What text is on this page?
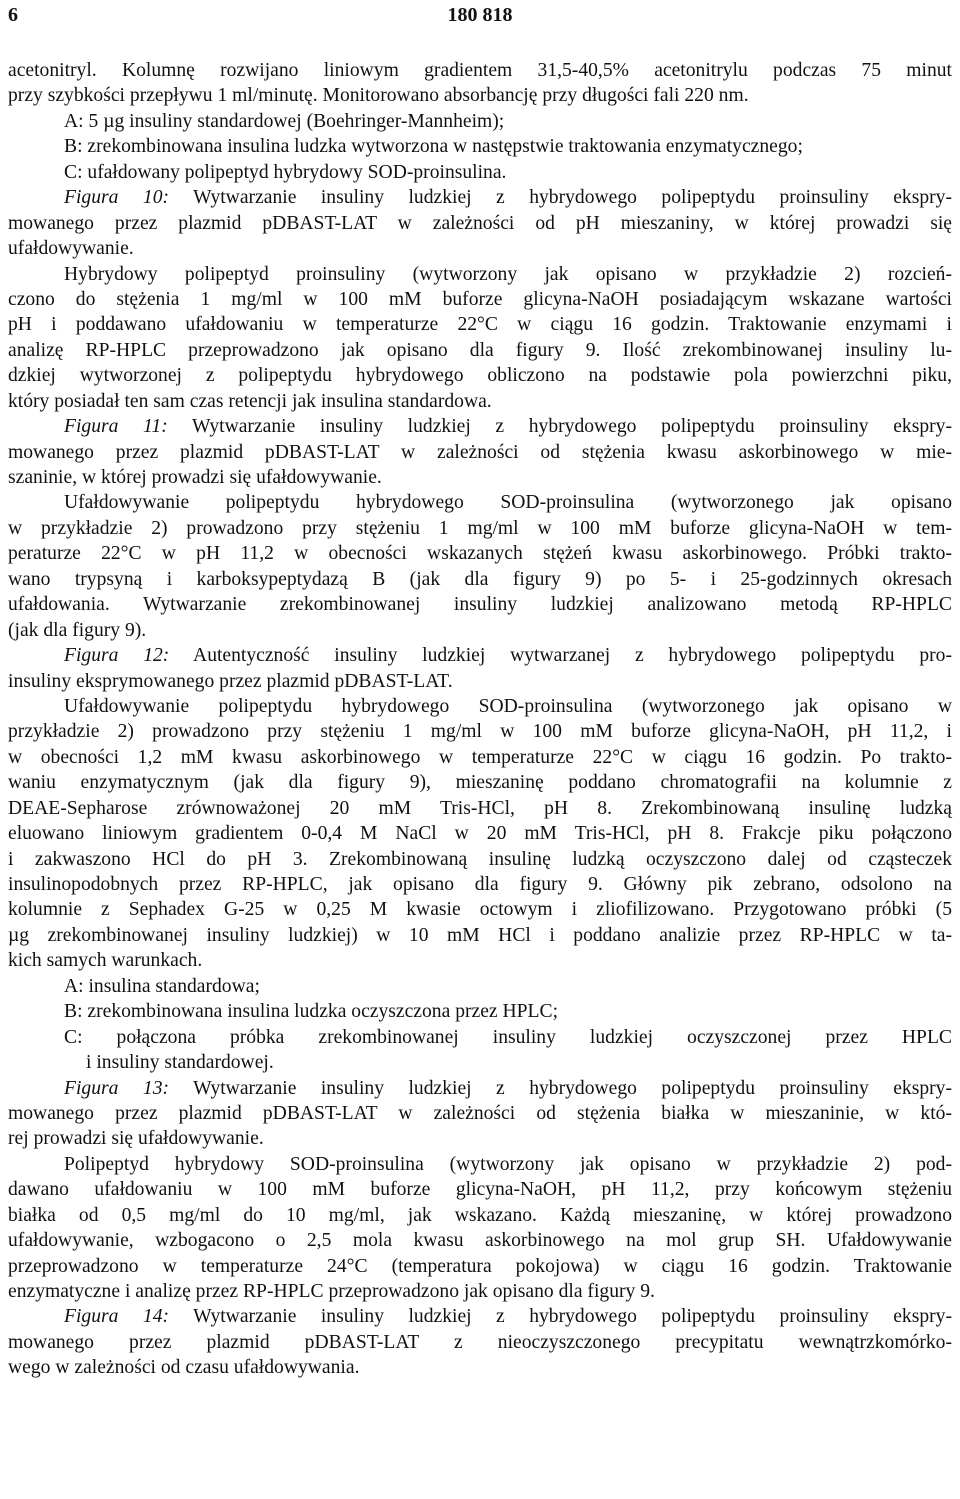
6	180 818
acetonitryl. Kolumnę rozwijano liniowym gradientem 31,5-40,5% acetonitrylu podczas 75 minut
przy szybkości przepływu 1 ml/minutę. Monitorowano absorbancję przy długości fali 220 nm.
A: 5 µg insuliny standardowej (Boehringer-Mannheim);
B: zrekombinowana insulina ludzka wytworzona w następstwie traktowania enzymatycznego;
C: ufałdowany polipeptyd hybrydowy SOD-proinsulina.
Figura 10: Wytwarzanie insuliny ludzkiej z hybrydowego polipeptydu proinsuliny ekspry-
mowanego przez plazmid pDBAST-LAT w zależności od pH mieszaniny, w której prowadzi się
ufałdowywanie.
Hybrydowy polipeptyd proinsuliny (wytworzony jak opisano w przykładzie 2) rozcień-
czono do stężenia 1 mg/ml w 100 mM buforze glicyna-NaOH posiadającym wskazane wartości
pH i poddawano ufałdowaniu w temperaturze 22°C w ciągu 16 godzin. Traktowanie enzymami i
analizę RP-HPLC przeprowadzono jak opisano dla figury 9. Ilość zrekombinowanej insuliny lu-
dzkiej wytworzonej z polipeptydu hybrydowego obliczono na podstawie pola powierzchni piku,
który posiadał ten sam czas retencji jak insulina standardowa.
Figura 11: Wytwarzanie insuliny ludzkiej z hybrydowego polipeptydu proinsuliny ekspry-
mowanego przez plazmid pDBAST-LAT w zależności od stężenia kwasu askorbinowego w mie-
szaninie, w której prowadzi się ufałdowywanie.
Ufałdowywanie polipeptydu hybrydowego SOD-proinsulina (wytworzonego jak opisano
w przykładzie 2) prowadzono przy stężeniu 1 mg/ml w 100 mM buforze glicyna-NaOH w tem-
peraturze 22°C w pH 11,2 w obecności wskazanych stężeń kwasu askorbinowego. Próbki trakto-
wano trypsyną i karboksypeptydazą B (jak dla figury 9) po 5- i 25-godzinnych okresach
ufałdowania. Wytwarzanie zrekombinowanej insuliny ludzkiej analizowano metodą RP-HPLC
(jak dla figury 9).
Figura 12: Autentyczność insuliny ludzkiej wytwarzanej z hybrydowego polipeptydu pro-
insuliny eksprymowanego przez plazmid pDBAST-LAT.
Ufałdowywanie polipeptydu hybrydowego SOD-proinsulina (wytworzonego jak opisano w
przykładzie 2) prowadzono przy stężeniu 1 mg/ml w 100 mM buforze glicyna-NaOH, pH 11,2, i
w obecności 1,2 mM kwasu askorbinowego w temperaturze 22°C w ciągu 16 godzin. Po trakto-
waniu enzymatycznym (jak dla figury 9), mieszaninę poddano chromatografii na kolumnie z
DEAE-Sepharose zrównoważonej 20 mM Tris-HCl, pH 8. Zrekombinowaną insulinę ludzką
eluowano liniowym gradientem 0-0,4 M NaCl w 20 mM Tris-HCl, pH 8. Frakcje piku połączono
i zakwaszono HCl do pH 3. Zrekombinowaną insulinę ludzką oczyszczono dalej od cząsteczek
insulinopodobnych przez RP-HPLC, jak opisano dla figury 9. Główny pik zebrano, odsolono na
kolumnie z Sephadex G-25 w 0,25 M kwasie octowym i zliofilizowano. Przygotowano próbki (5
µg zrekombinowanej insuliny ludzkiej) w 10 mM HCl i poddano analizie przez RP-HPLC w ta-
kich samych warunkach.
A: insulina standardowa;
B: zrekombinowana insulina ludzka oczyszczona przez HPLC;
C: połączona próbka zrekombinowanej insuliny ludzkiej oczyszczonej przez HPLC
i insuliny standardowej.
Figura 13: Wytwarzanie insuliny ludzkiej z hybrydowego polipeptydu proinsuliny ekspry-
mowanego przez plazmid pDBAST-LAT w zależności od stężenia białka w mieszaninie, w któ-
rej prowadzi się ufałdowywanie.
Polipeptyd hybrydowy SOD-proinsulina (wytworzony jak opisano w przykładzie 2) pod-
dawano ufałdowaniu w 100 mM buforze glicyna-NaOH, pH 11,2, przy końcowym stężeniu
białka od 0,5 mg/ml do 10 mg/ml, jak wskazano. Każdą mieszaninę, w której prowadzono
ufałdowywanie, wzbogacono o 2,5 mola kwasu askorbinowego na mol grup SH. Ufałdowywanie
przeprowadzono w temperaturze 24°C (temperatura pokojowa) w ciągu 16 godzin. Traktowanie
enzymatyczne i analizę przez RP-HPLC przeprowadzono jak opisano dla figury 9.
Figura 14: Wytwarzanie insuliny ludzkiej z hybrydowego polipeptydu proinsuliny ekspry-
mowanego przez plazmid pDBAST-LAT z nieoczyszczonego precypitatu wewnątrzkomórko-
wego w zależności od czasu ufałdowywania.
